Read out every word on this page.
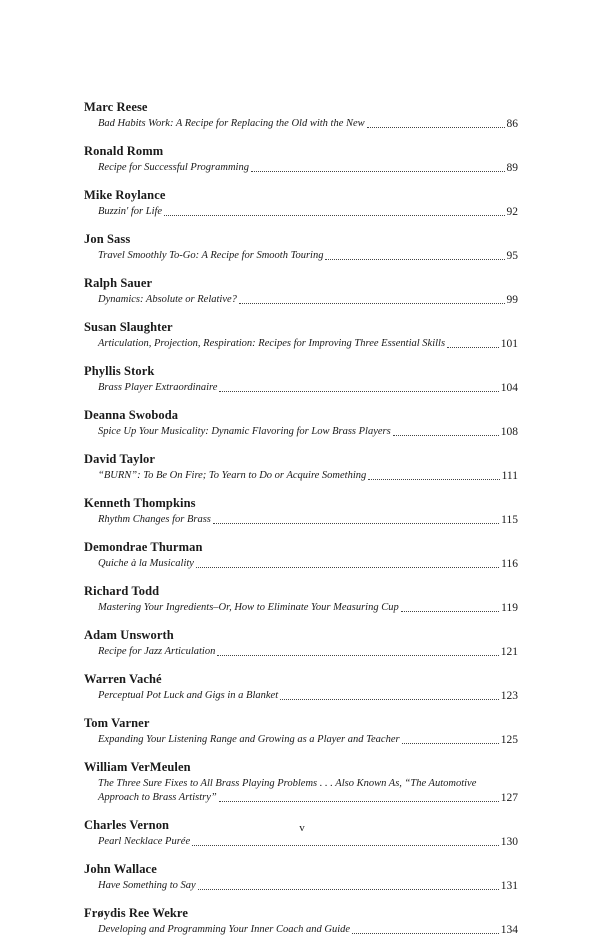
Marc Reese
Bad Habits Work: A Recipe for Replacing the Old with the New	86
Ronald Romm
Recipe for Successful Programming	89
Mike Roylance
Buzzin' for Life	92
Jon Sass
Travel Smoothly To-Go: A Recipe for Smooth Touring	95
Ralph Sauer
Dynamics: Absolute or Relative?	99
Susan Slaughter
Articulation, Projection, Respiration: Recipes for Improving Three Essential Skills	101
Phyllis Stork
Brass Player Extraordinaire	104
Deanna Swoboda
Spice Up Your Musicality: Dynamic Flavoring for Low Brass Players	108
David Taylor
“BURN”: To Be On Fire; To Yearn to Do or Acquire Something	111
Kenneth Thompkins
Rhythm Changes for Brass	115
Demondrae Thurman
Quiche à la Musicality	116
Richard Todd
Mastering Your Ingredients–Or, How to Eliminate Your Measuring Cup	119
Adam Unsworth
Recipe for Jazz Articulation	121
Warren Vaché
Perceptual Pot Luck and Gigs in a Blanket	123
Tom Varner
Expanding Your Listening Range and Growing as a Player and Teacher	125
William VerMeulen
The Three Sure Fixes to All Brass Playing Problems . . . Also Known As, “The Automotive
Approach to Brass Artistry”	127
Charles Vernon
Pearl Necklace Purée	130
John Wallace
Have Something to Say	131
Frøydis Ree Wekre
Developing and Programming Your Inner Coach and Guide	134
v
